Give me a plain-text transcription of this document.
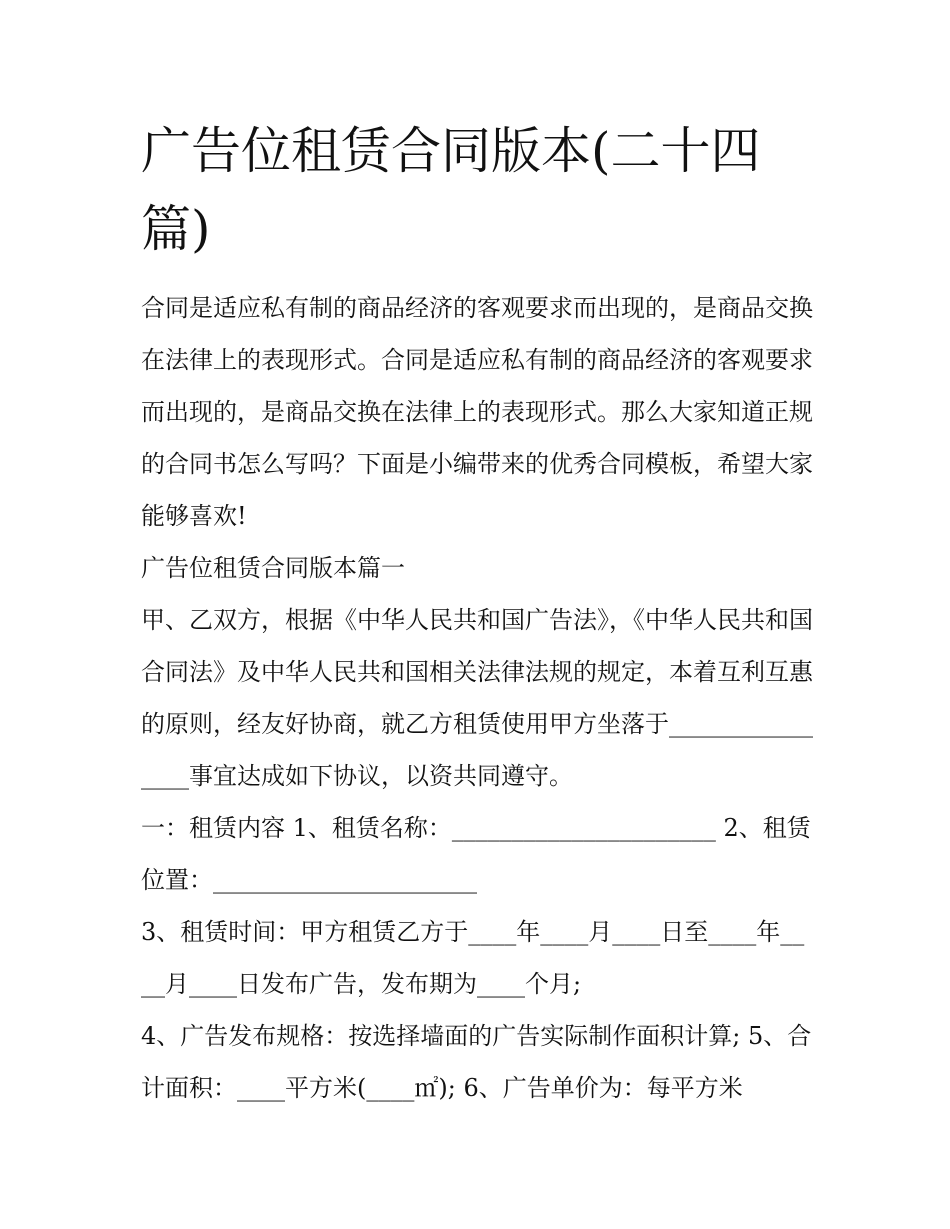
广告位租赁合同版本(二十四篇)

合同是适应私有制的商品经济的客观要求而出现的，是商品交换在法律上的表现形式。合同是适应私有制的商品经济的客观要求而出现的，是商品交换在法律上的表现形式。那么大家知道正规的合同书怎么写吗？下面是小编带来的优秀合同模板，希望大家能够喜欢!

广告位租赁合同版本篇一

甲、乙双方，根据《中华人民共和国广告法》，《中华人民共和国合同法》及中华人民共和国相关法律法规的规定，本着互利互惠的原则，经友好协商，就乙方租赁使用甲方坐落于________________事宜达成如下协议，以资共同遵守。

一：租赁内容 1、租赁名称：______________________ 2、租赁位置：______________________

3、租赁时间：甲方租赁乙方于____年____月____日至____年____月____日发布广告，发布期为____个月;

4、广告发布规格：按选择墙面的广告实际制作面积计算; 5、合计面积：____平方米(____㎡); 6、广告单价为：每平方米
